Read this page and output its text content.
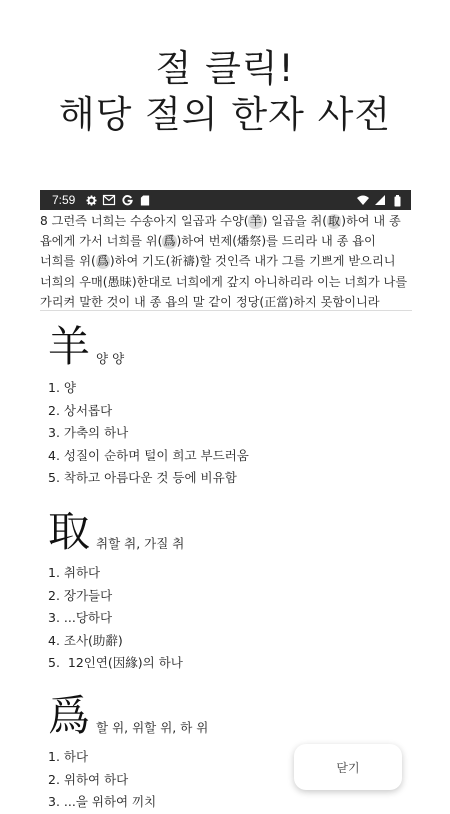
절 클릭!
해당 절의 한자 사전
7:59
8 그런즉 너희는 수송아지 일곱과 수양(羊) 일곱을 취(取)하여 내 종 욥에게 가서 너희를 위(爲)하여 번제(燔祭)를 드리라 내 종 욥이 너희를 위(爲)하여 기도(祈禱)할 것인즉 내가 그를 기쁘게 받으리니 너희의 우매(愚昧)한대로 너희에게 갚지 아니하리라 이는 너희가 나를 가리켜 말한 것이 내 종 욥의 말 같이 정당(正當)하지 못함이니라
羊 양 양
1. 양
2. 상서롭다
3. 가축의 하나
4. 성질이 순하며 털이 희고 부드러움
5. 착하고 아름다운 것 등에 비유함
取 취할 취, 가질 취
1. 취하다
2. 장가들다
3. ...당하다
4. 조사(助辭)
5.  12인연(因緣)의 하나
爲 할 위, 위할 위, 하 위
1. 하다
2. 위하여 하다
3. ...을 위하여 끼치
닫기
